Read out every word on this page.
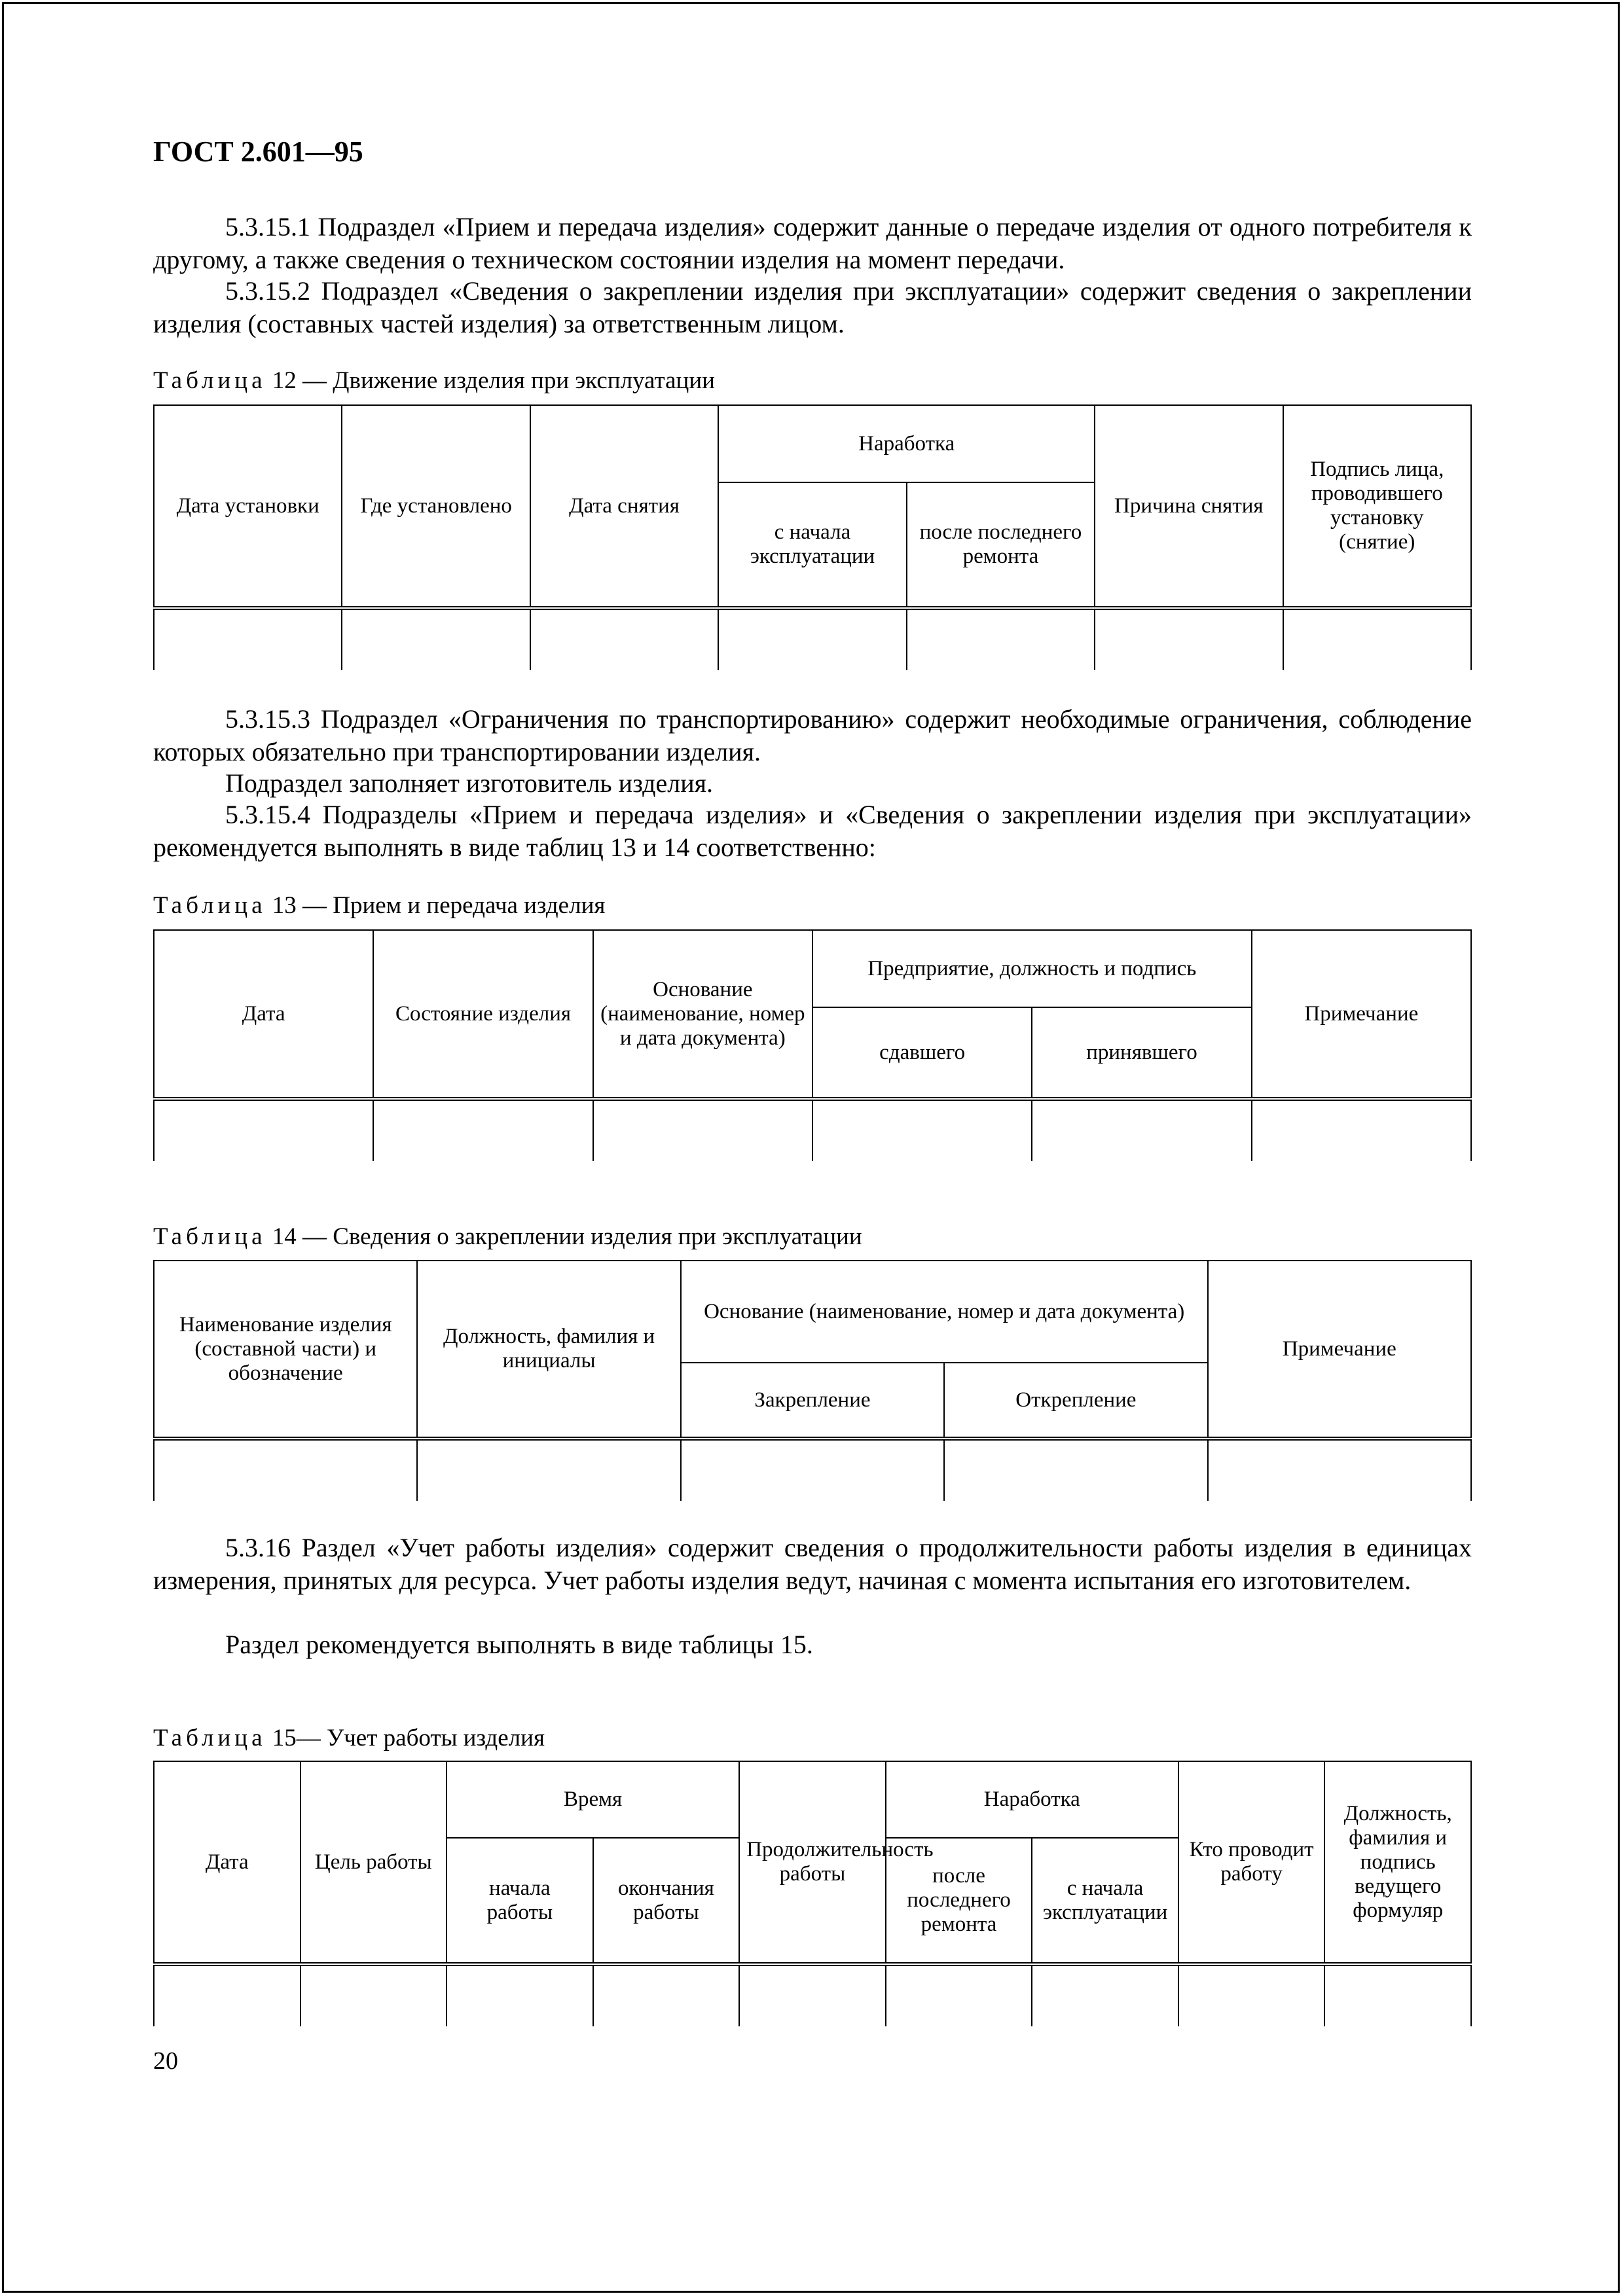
ГОСТ 2.601—95
5.3.15.1 Подраздел «Прием и передача изделия» содержит данные о передаче изделия от одного потребителя к другому, а также сведения о техническом состоянии изделия на момент передачи.
5.3.15.2 Подраздел «Сведения о закреплении изделия при эксплуатации» содержит сведения о закреплении изделия (составных частей изделия) за ответственным лицом.
Таблица 12 — Движение изделия при эксплуатации
Дата установки	Где установлено	Дата снятия	Наработка		Причина снятия	Подпись лица, проводившего установку (снятие)
			с начала эксплуатации	после последнего ремонта		

5.3.15.3 Подраздел «Ограничения по транспортированию» содержит необходимые ограничения, соблюдение которых обязательно при транспортировании изделия.
Подраздел заполняет изготовитель изделия.
5.3.15.4 Подразделы «Прием и передача изделия» и «Сведения о закреплении изделия при эксплуатации» рекомендуется выполнять в виде таблиц 13 и 14 соответственно:
Таблица 13 — Прием и передача изделия
Дата	Состояние изделия	Основание (наименование, номер и дата документа)	Предприятие, должность и подпись		Примечание
			сдавшего	принявшего	

Таблица 14 — Сведения о закреплении изделия при эксплуатации
Наименование изделия (составной части) и обозначение	Должность, фамилия и инициалы	Основание (наименование, номер и дата документа)		Примечание
		Закрепление	Открепление	

5.3.16 Раздел «Учет работы изделия» содержит сведения о продолжительности работы изделия в единицах измерения, принятых для ресурса. Учет работы изделия ведут, начиная с момента испытания его изготовителем.
Раздел рекомендуется выполнять в виде таблицы 15.
Таблица 15— Учет работы изделия
Дата	Цель работы	Время		Продолжительность работы	Наработка		Кто проводит работу	Должность, фамилия и подпись ведущего формуляр
		начала работы	окончания работы		после последнего ремонта	с начала эксплуатации		

20
